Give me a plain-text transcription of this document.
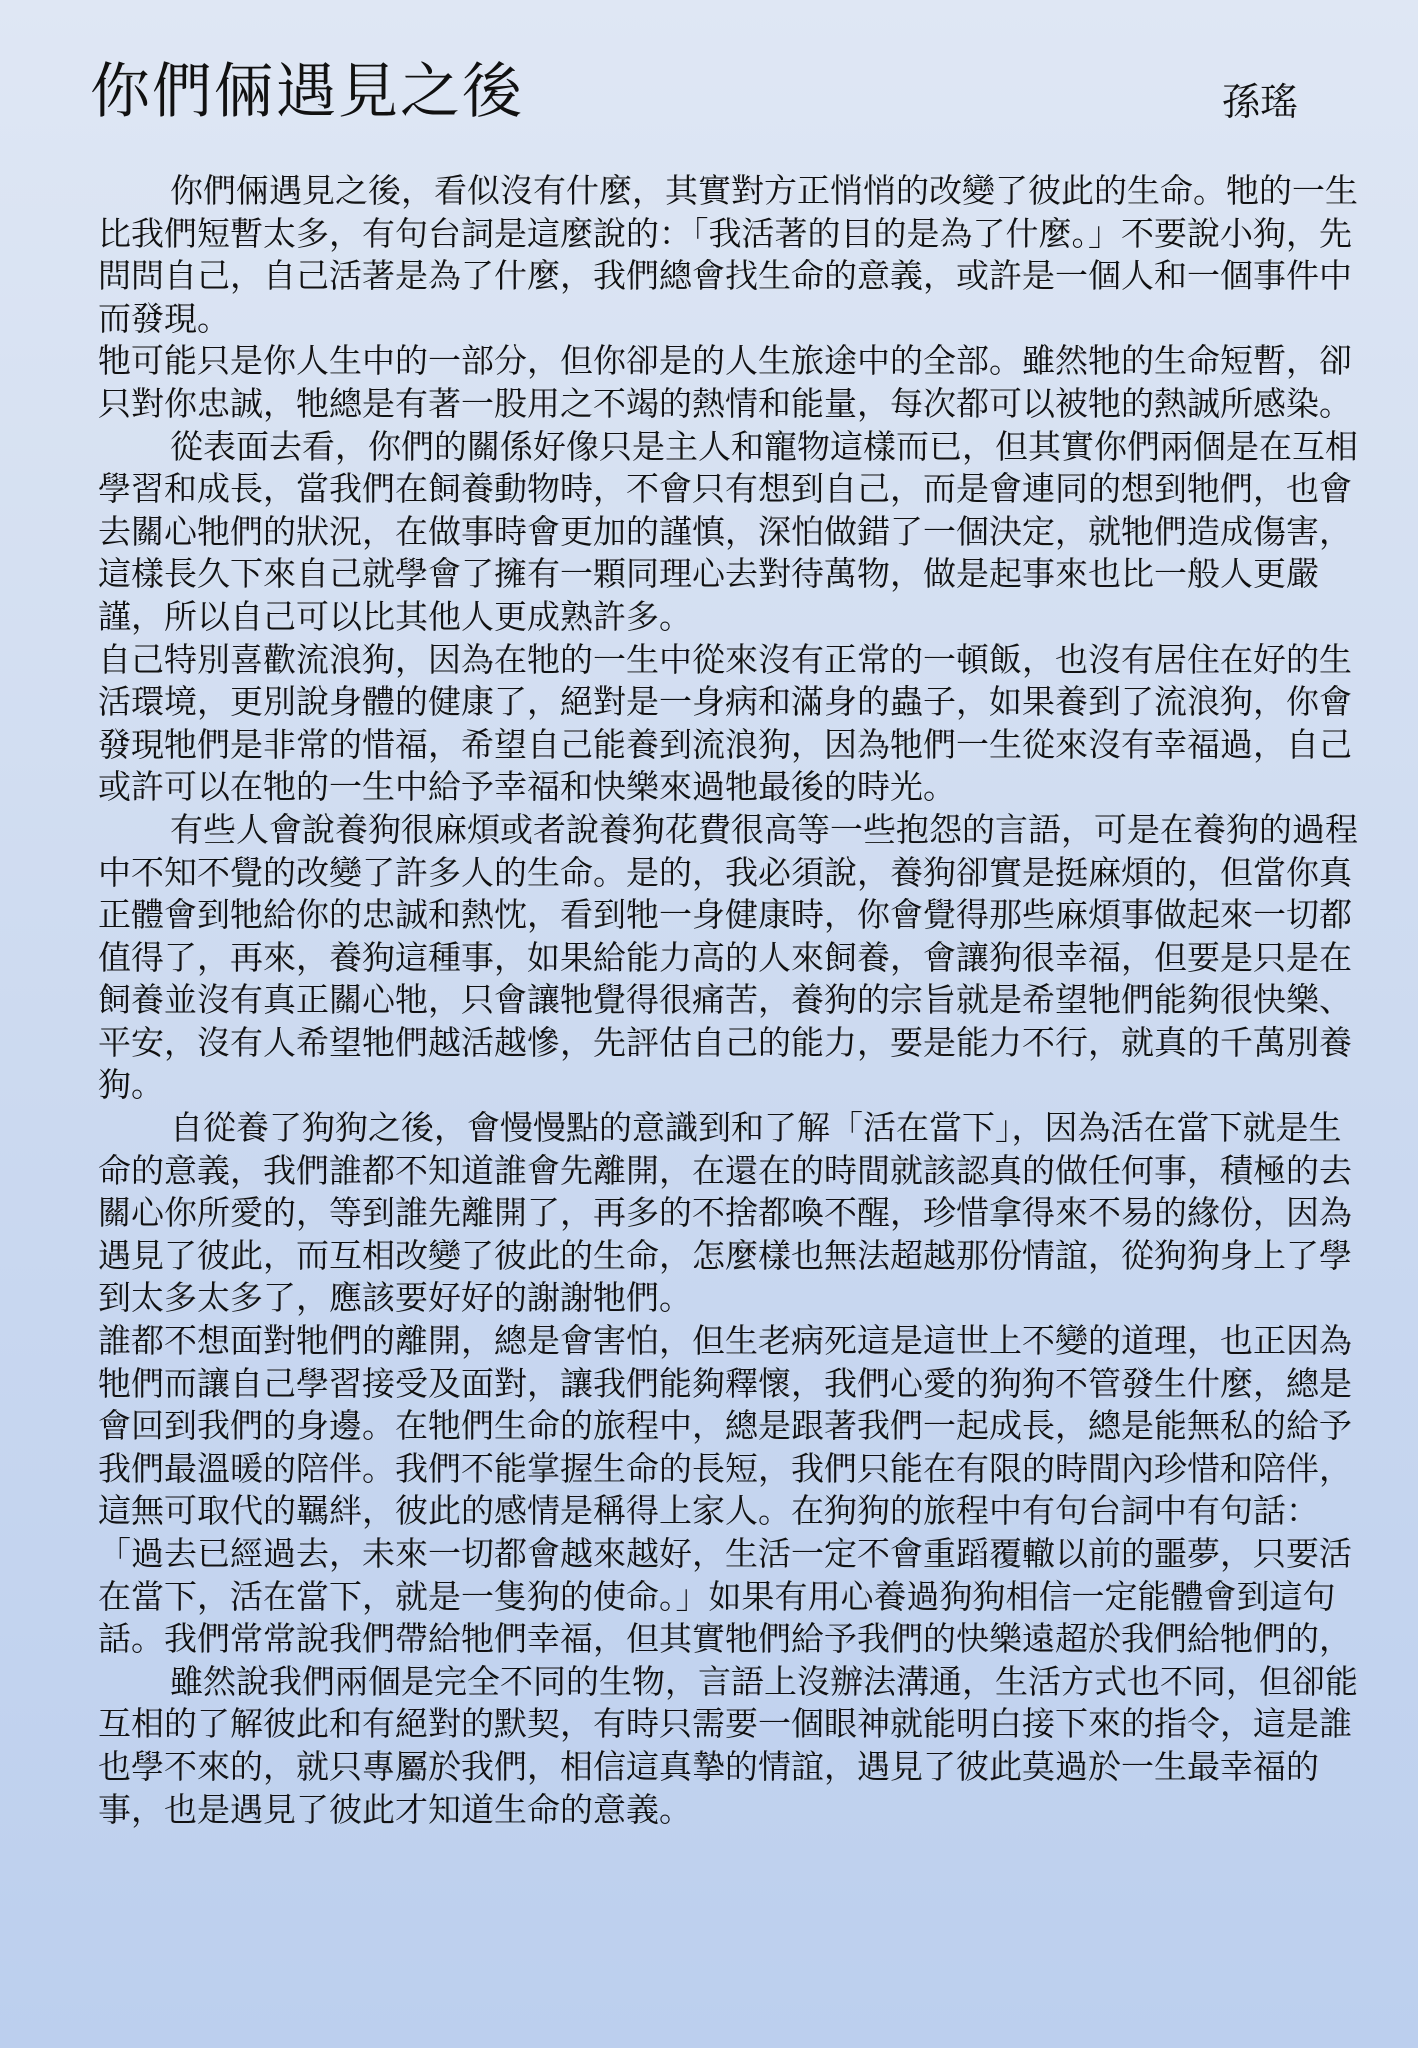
你們倆遇見之後	孫瑤

你們倆遇見之後，看似沒有什麼，其實對方正悄悄的改變了彼此的生命。牠的一生比我們短暫太多，有句台詞是這麼說的：「我活著的目的是為了什麼。」不要說小狗，先問問自己，自己活著是為了什麼，我們總會找生命的意義，或許是一個人和一個事件中而發現。

牠可能只是你人生中的一部分，但你卻是的人生旅途中的全部。雖然牠的生命短暫，卻只對你忠誠，牠總是有著一股用之不竭的熱情和能量，每次都可以被牠的熱誠所感染。

從表面去看，你們的關係好像只是主人和寵物這樣而已，但其實你們兩個是在互相學習和成長，當我們在飼養動物時，不會只有想到自己，而是會連同的想到牠們，也會去關心牠們的狀況，在做事時會更加的謹慎，深怕做錯了一個決定，就牠們造成傷害，這樣長久下來自己就學會了擁有一顆同理心去對待萬物，做是起事來也比一般人更嚴謹，所以自己可以比其他人更成熟許多。

自己特別喜歡流浪狗，因為在牠的一生中從來沒有正常的一頓飯，也沒有居住在好的生活環境，更別說身體的健康了，絕對是一身病和滿身的蟲子，如果養到了流浪狗，你會發現牠們是非常的惜福，希望自己能養到流浪狗，因為牠們一生從來沒有幸福過，自己或許可以在牠的一生中給予幸福和快樂來過牠最後的時光。

有些人會說養狗很麻煩或者說養狗花費很高等一些抱怨的言語，可是在養狗的過程中不知不覺的改變了許多人的生命。是的，我必須說，養狗卻實是挺麻煩的，但當你真正體會到牠給你的忠誠和熱忱，看到牠一身健康時，你會覺得那些麻煩事做起來一切都值得了，再來，養狗這種事，如果給能力高的人來飼養，會讓狗很幸福，但要是只是在飼養並沒有真正關心牠，只會讓牠覺得很痛苦，養狗的宗旨就是希望牠們能夠很快樂、平安，沒有人希望牠們越活越慘，先評估自己的能力，要是能力不行，就真的千萬別養狗。

自從養了狗狗之後，會慢慢點的意識到和了解「活在當下」，因為活在當下就是生命的意義，我們誰都不知道誰會先離開，在還在的時間就該認真的做任何事，積極的去關心你所愛的，等到誰先離開了，再多的不捨都喚不醒，珍惜拿得來不易的緣份，因為遇見了彼此，而互相改變了彼此的生命，怎麼樣也無法超越那份情誼，從狗狗身上了學到太多太多了，應該要好好的謝謝牠們。

誰都不想面對牠們的離開，總是會害怕，但生老病死這是這世上不變的道理，也正因為牠們而讓自己學習接受及面對，讓我們能夠釋懷，我們心愛的狗狗不管發生什麼，總是會回到我們的身邊。在牠們生命的旅程中，總是跟著我們一起成長，總是能無私的給予我們最溫暖的陪伴。我們不能掌握生命的長短，我們只能在有限的時間內珍惜和陪伴，這無可取代的羈絆，彼此的感情是稱得上家人。在狗狗的旅程中有句台詞中有句話：「過去已經過去，未來一切都會越來越好，生活一定不會重蹈覆轍以前的噩夢，只要活在當下，活在當下，就是一隻狗的使命。」如果有用心養過狗狗相信一定能體會到這句話。我們常常說我們帶給牠們幸福，但其實牠們給予我們的快樂遠超於我們給牠們的，

雖然說我們兩個是完全不同的生物，言語上沒辦法溝通，生活方式也不同，但卻能互相的了解彼此和有絕對的默契，有時只需要一個眼神就能明白接下來的指令，這是誰也學不來的，就只專屬於我們，相信這真摯的情誼，遇見了彼此莫過於一生最幸福的事，也是遇見了彼此才知道生命的意義。
